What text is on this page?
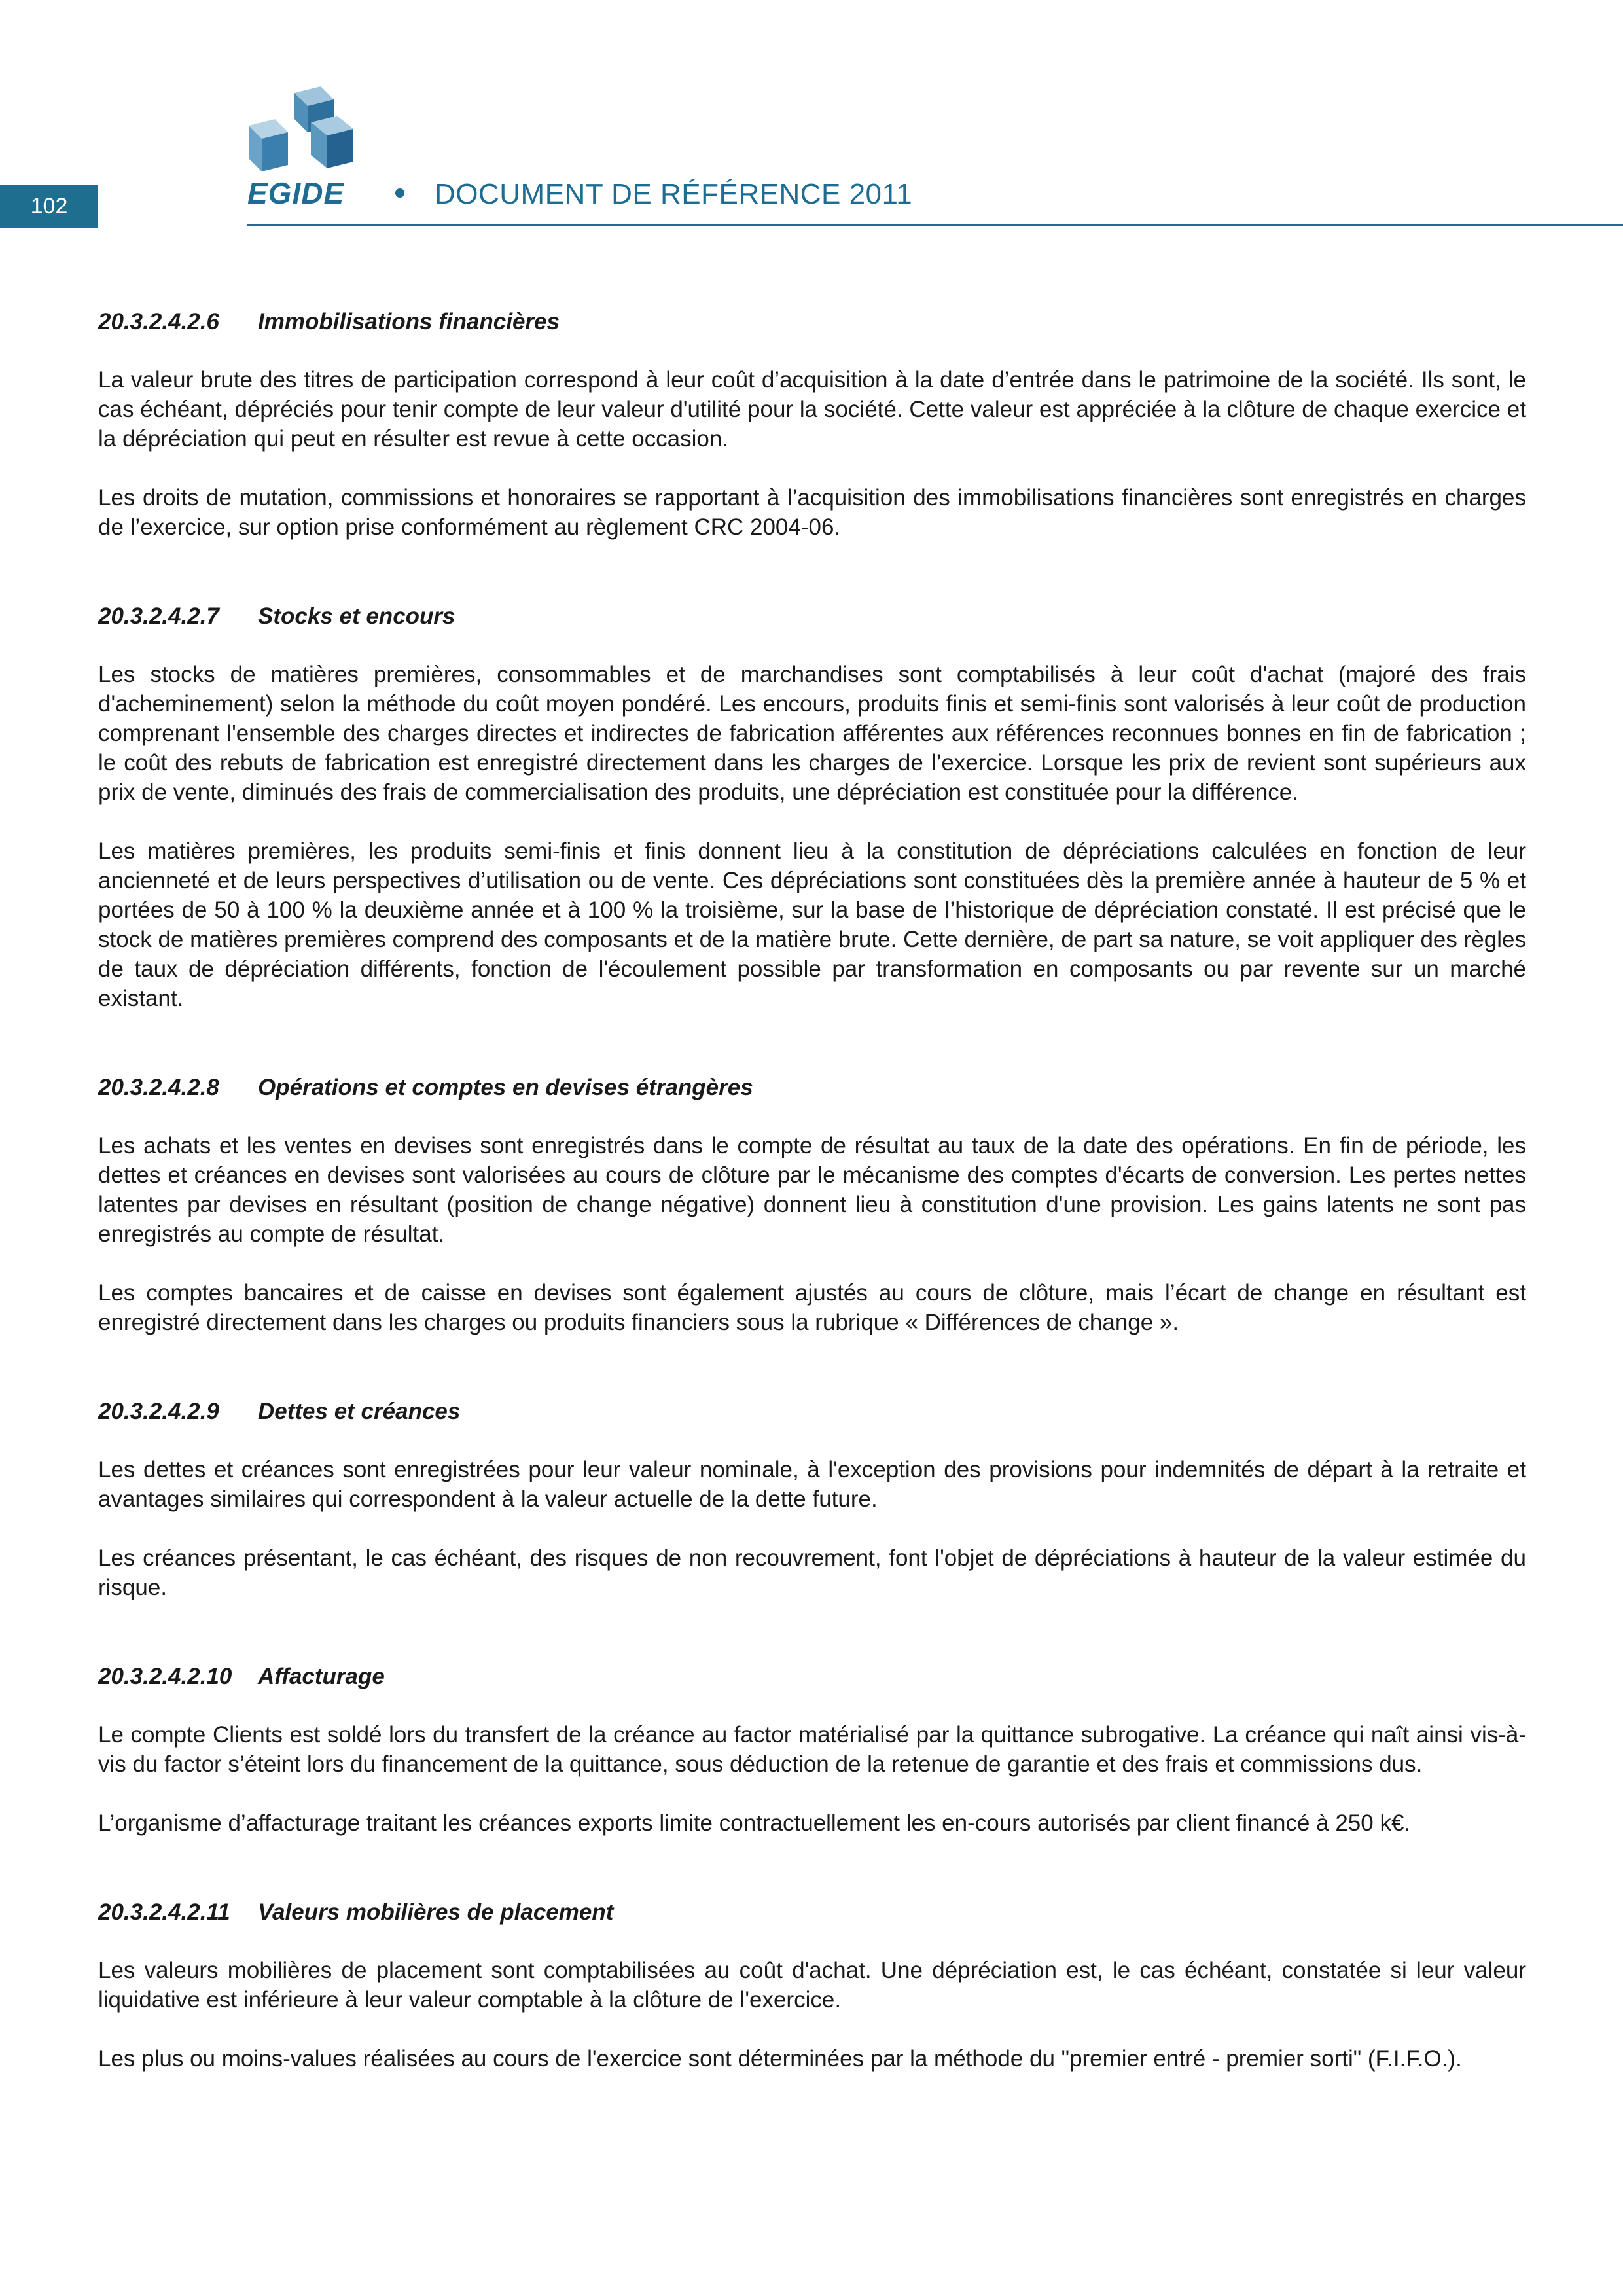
102	EGIDE	DOCUMENT DE RÉFÉRENCE 2011
20.3.2.4.2.6 Immobilisations financières

La valeur brute des titres de participation correspond à leur coût d’acquisition à la date d’entrée dans le patrimoine de la société. Ils sont, le cas échéant, dépréciés pour tenir compte de leur valeur d'utilité pour la société. Cette valeur est appréciée à la clôture de chaque exercice et la dépréciation qui peut en résulter est revue à cette occasion.

Les droits de mutation, commissions et honoraires se rapportant à l’acquisition des immobilisations financières sont enregistrés en charges de l’exercice, sur option prise conformément au règlement CRC 2004-06.

20.3.2.4.2.7 Stocks et encours

Les stocks de matières premières, consommables et de marchandises sont comptabilisés à leur coût d'achat (majoré des frais d'acheminement) selon la méthode du coût moyen pondéré. Les encours, produits finis et semi-finis sont valorisés à leur coût de production comprenant l'ensemble des charges directes et indirectes de fabrication afférentes aux références reconnues bonnes en fin de fabrication ; le coût des rebuts de fabrication est enregistré directement dans les charges de l’exercice. Lorsque les prix de revient sont supérieurs aux prix de vente, diminués des frais de commercialisation des produits, une dépréciation est constituée pour la différence.

Les matières premières, les produits semi-finis et finis donnent lieu à la constitution de dépréciations calculées en fonction de leur ancienneté et de leurs perspectives d’utilisation ou de vente. Ces dépréciations sont constituées dès la première année à hauteur de 5 % et portées de 50 à 100 % la deuxième année et à 100 % la troisième, sur la base de l’historique de dépréciation constaté. Il est précisé que le stock de matières premières comprend des composants et de la matière brute. Cette dernière, de part sa nature, se voit appliquer des règles de taux de dépréciation différents, fonction de l'écoulement possible par transformation en composants ou par revente sur un marché existant.

20.3.2.4.2.8 Opérations et comptes en devises étrangères

Les achats et les ventes en devises sont enregistrés dans le compte de résultat au taux de la date des opérations. En fin de période, les dettes et créances en devises sont valorisées au cours de clôture par le mécanisme des comptes d'écarts de conversion. Les pertes nettes latentes par devises en résultant (position de change négative) donnent lieu à constitution d'une provision. Les gains latents ne sont pas enregistrés au compte de résultat.

Les comptes bancaires et de caisse en devises sont également ajustés au cours de clôture, mais l’écart de change en résultant est enregistré directement dans les charges ou produits financiers sous la rubrique « Différences de change ».

20.3.2.4.2.9 Dettes et créances

Les dettes et créances sont enregistrées pour leur valeur nominale, à l'exception des provisions pour indemnités de départ à la retraite et avantages similaires qui correspondent à la valeur actuelle de la dette future.

Les créances présentant, le cas échéant, des risques de non recouvrement, font l'objet de dépréciations à hauteur de la valeur estimée du risque.

20.3.2.4.2.10 Affacturage

Le compte Clients est soldé lors du transfert de la créance au factor matérialisé par la quittance subrogative. La créance qui naît ainsi vis-à-vis du factor s’éteint lors du financement de la quittance, sous déduction de la retenue de garantie et des frais et commissions dus.

L’organisme d’affacturage traitant les créances exports limite contractuellement les en-cours autorisés par client financé à 250 k€.

20.3.2.4.2.11 Valeurs mobilières de placement

Les valeurs mobilières de placement sont comptabilisées au coût d'achat. Une dépréciation est, le cas échéant, constatée si leur valeur liquidative est inférieure à leur valeur comptable à la clôture de l'exercice.

Les plus ou moins-values réalisées au cours de l'exercice sont déterminées par la méthode du "premier entré - premier sorti" (F.I.F.O.).
